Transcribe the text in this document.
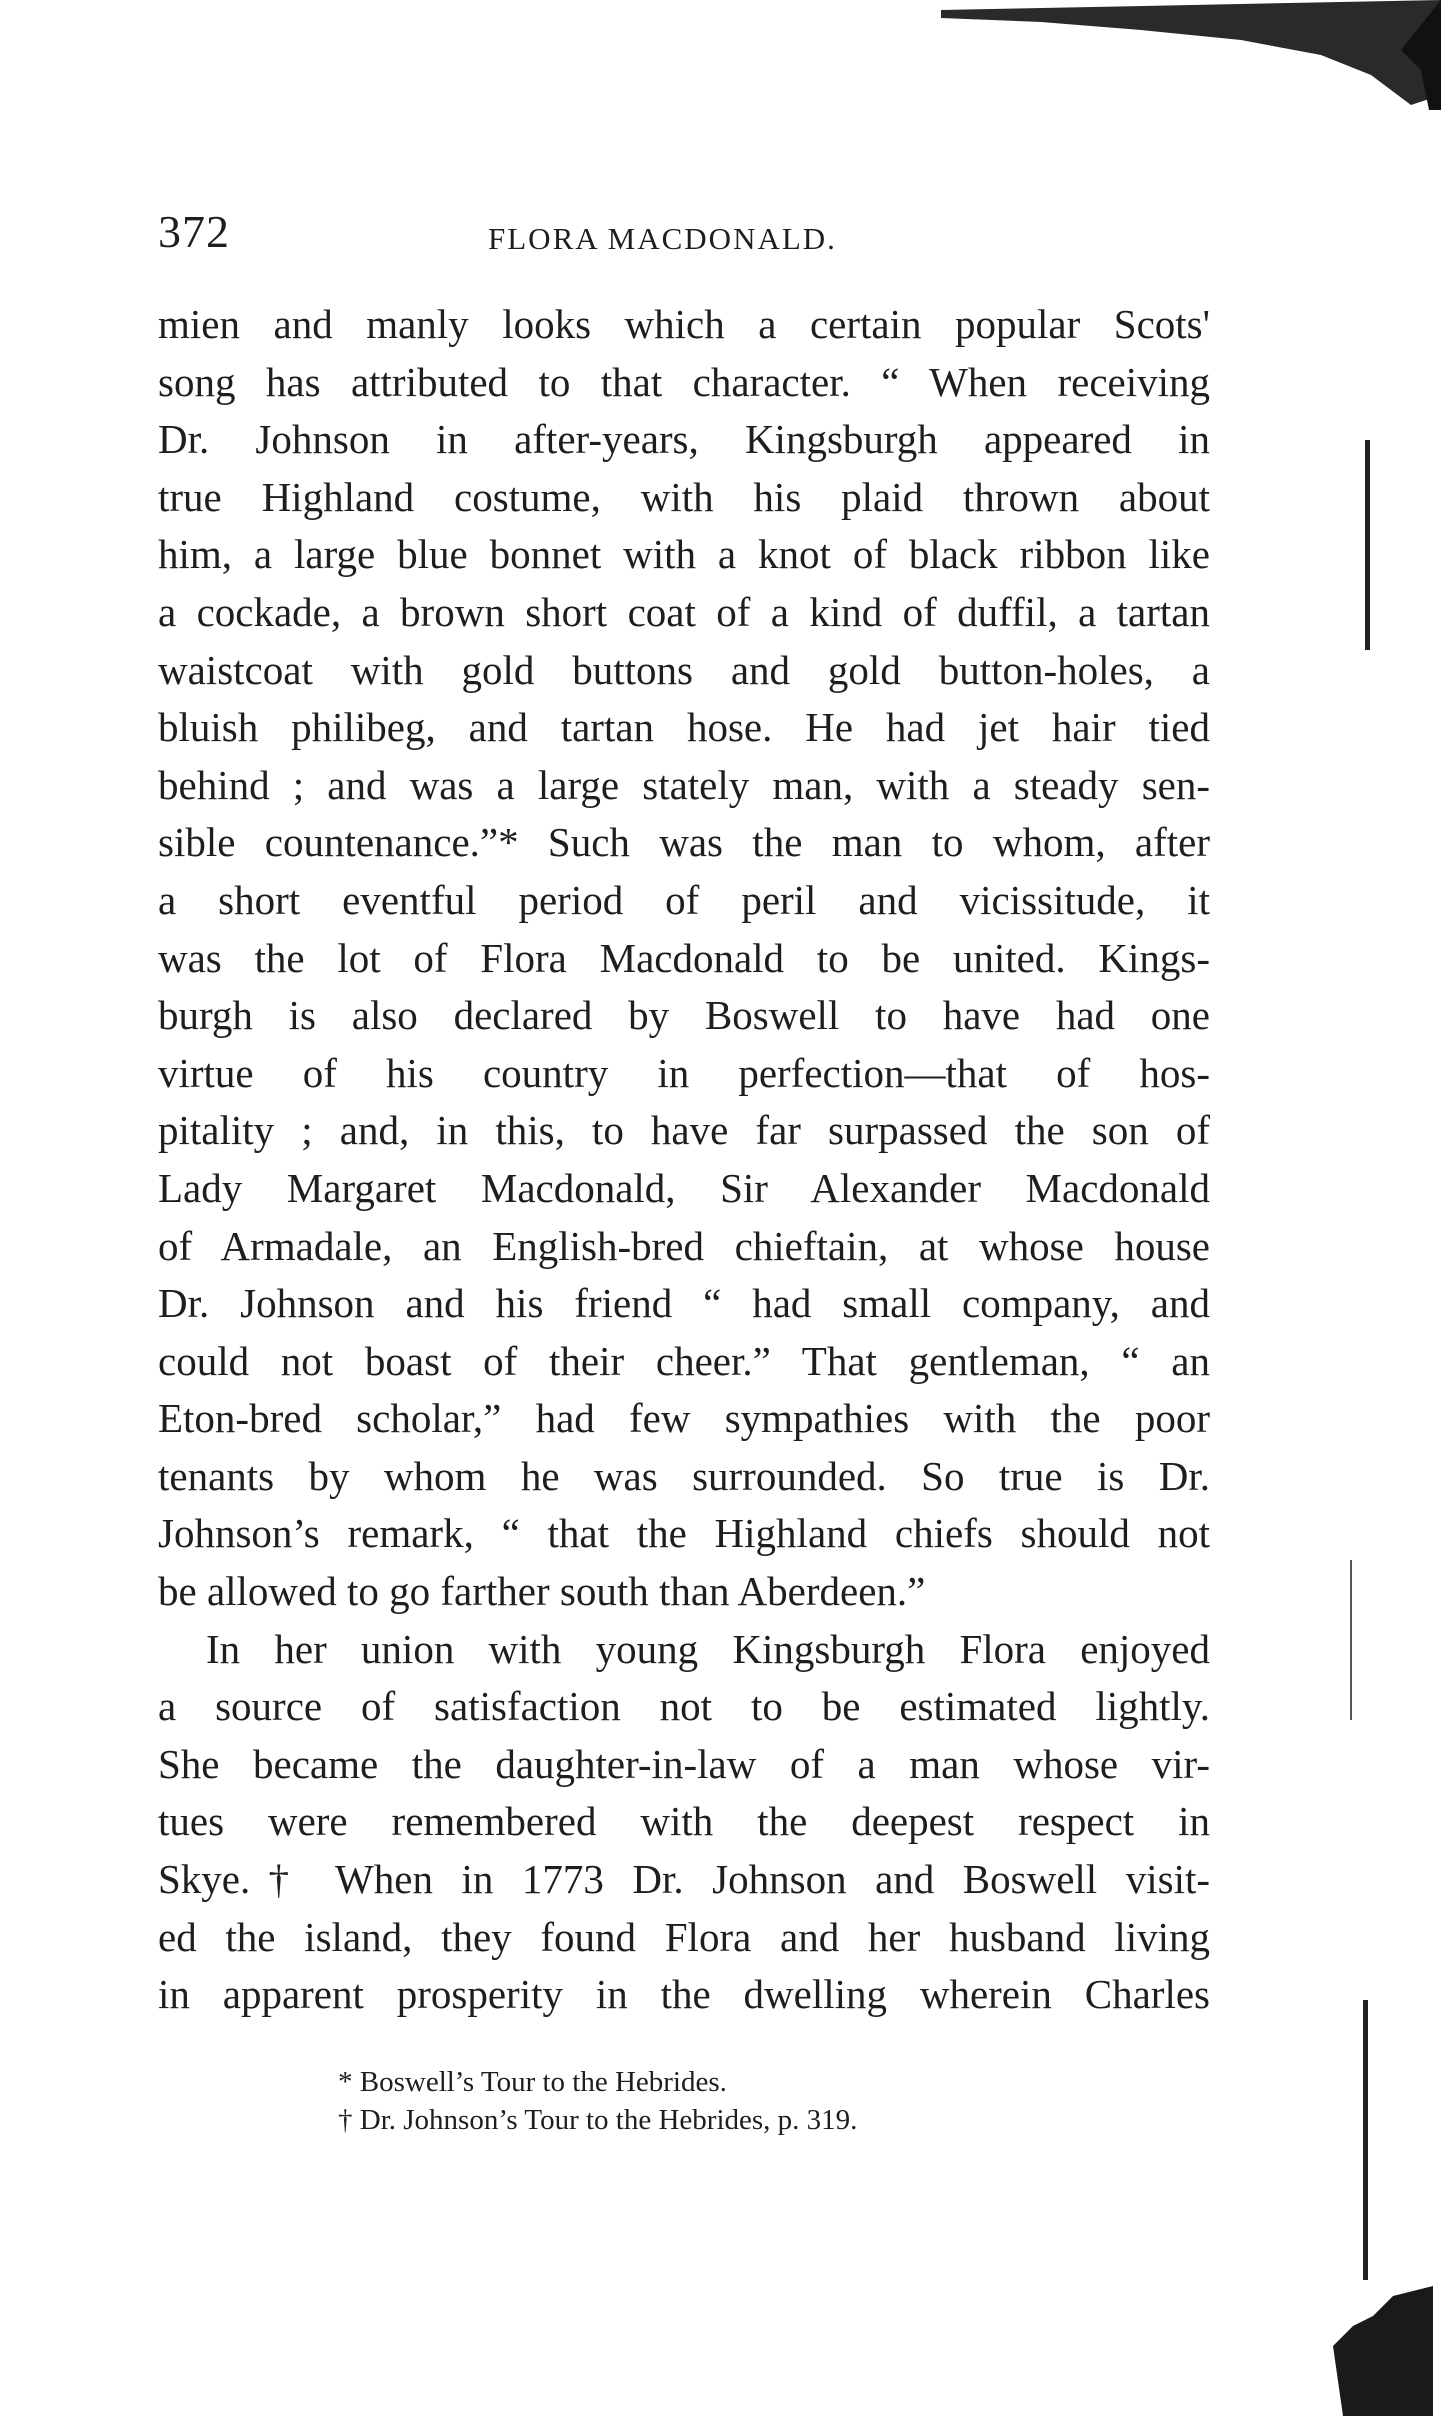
372	FLORA MACDONALD.
mien and manly looks which a certain popular Scots'
song has attributed to that character. “ When receiving
Dr. Johnson in after-years, Kingsburgh appeared in
true Highland costume, with his plaid thrown about
him, a large blue bonnet with a knot of black ribbon like
a cockade, a brown short coat of a kind of duffil, a tartan
waistcoat with gold buttons and gold button-holes, a
bluish philibeg, and tartan hose. He had jet hair tied
behind ; and was a large stately man, with a steady sen-
sible countenance.”* Such was the man to whom, after
a short eventful period of peril and vicissitude, it
was the lot of Flora Macdonald to be united. Kings-
burgh is also declared by Boswell to have had one
virtue of his country in perfection—that of hos-
pitality ; and, in this, to have far surpassed the son of
Lady Margaret Macdonald, Sir Alexander Macdonald
of Armadale, an English-bred chieftain, at whose house
Dr. Johnson and his friend “ had small company, and
could not boast of their cheer.” That gentleman, “ an
Eton-bred scholar,” had few sympathies with the poor
tenants by whom he was surrounded. So true is Dr.
Johnson’s remark, “ that the Highland chiefs should not
be allowed to go farther south than Aberdeen.”
In her union with young Kingsburgh Flora enjoyed
a source of satisfaction not to be estimated lightly.
She became the daughter-in-law of a man whose vir-
tues were remembered with the deepest respect in
Skye.† When in 1773 Dr. Johnson and Boswell visit-
ed the island, they found Flora and her husband living
in apparent prosperity in the dwelling wherein Charles
* Boswell’s Tour to the Hebrides.
† Dr. Johnson’s Tour to the Hebrides, p. 319.
